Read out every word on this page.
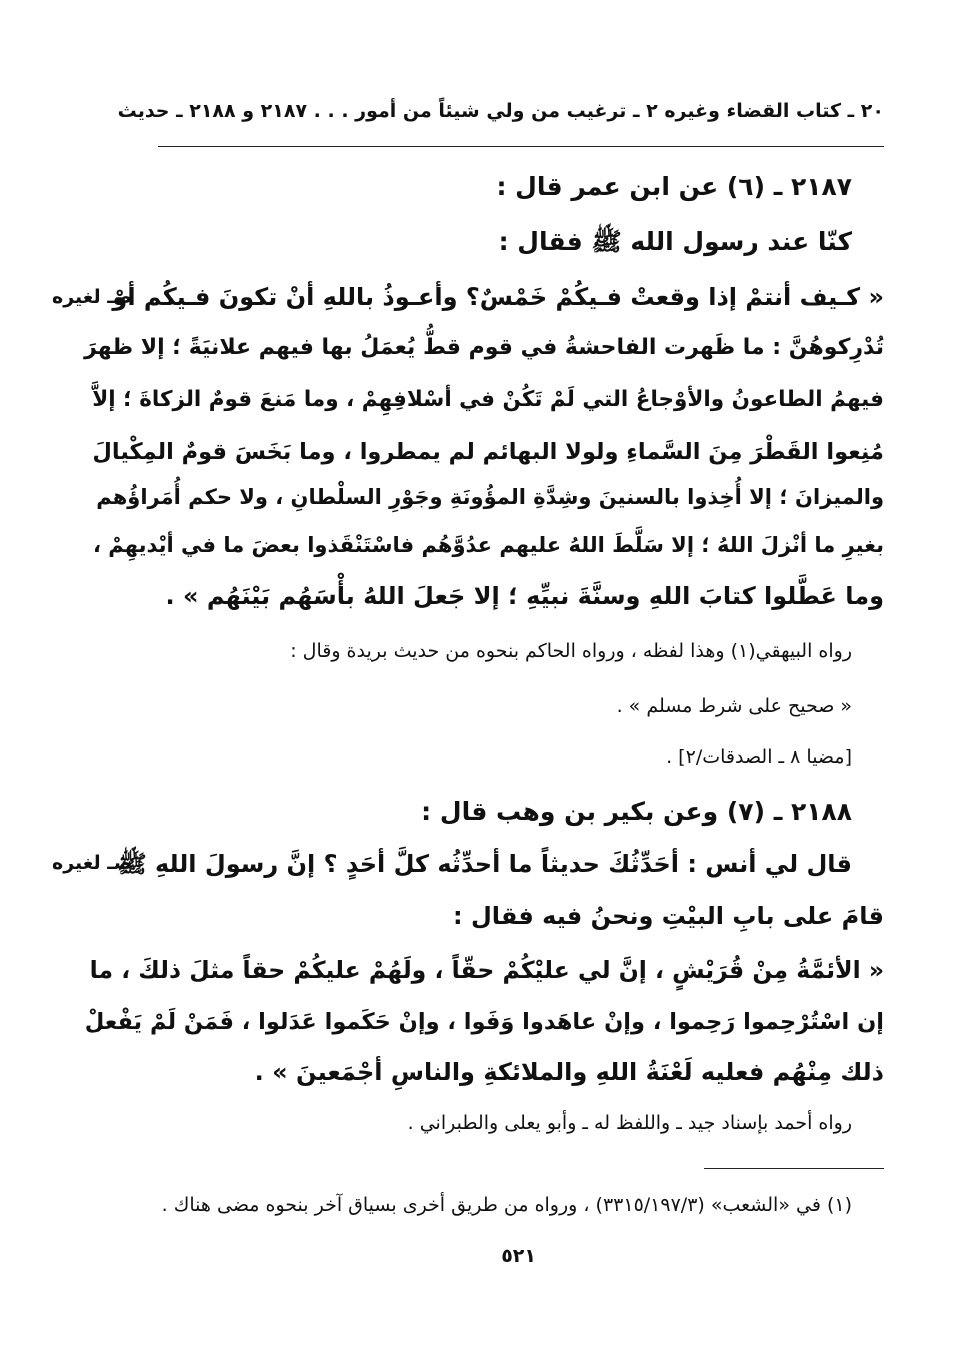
٢٠ ـ كتاب القضاء وغيره ٢ ـ ترغيب من ولي شيئاً من أمور . . . ٢١٨٧ و ٢١٨٨ ـ حديث
٢١٨٧ ـ (٦) عن ابن عمر قال :
كنّا عند رسول الله ﷺ فقال :
صـ لغيره
« كـيف أنتمْ إذا وقعتْ فـيكُمْ خَمْسٌ؟ وأعـوذُ باللهِ أنْ تكونَ فـيكُم أوْ
تُدْرِكوهُنَّ : ما ظَهرت الفاحشةُ في قوم قطُّ يُعمَلُ بها فيهم علانيَةً ؛ إلا ظهرَ
فيهمُ الطاعونُ والأوْجاعُ التي لَمْ تَكُنْ في أسْلافِهِمْ ، وما مَنعَ قومٌ الزكاةَ ؛ إلاَّ
مُنِعوا القَطْرَ مِنَ السَّماءِ ولولا البهائم لم يمطروا ، وما بَخَسَ قومٌ المِكْيالَ
والميزانَ ؛ إلا أُخِذوا بالسنينَ وشِدَّةِ المؤُونَةِ وجَوْرِ السلْطانِ ، ولا حكم أُمَراؤُهم
بغيرِ ما أنْزلَ اللهُ ؛ إلا سَلَّطَ اللهُ عليهم عدُوَّهُم فاسْتَنْقَذوا بعضَ ما في أيْديهِمْ ،
وما عَطَّلوا كتابَ اللهِ وسنَّةَ نبيِّهِ ؛ إلا جَعلَ اللهُ بأْسَهُم بَيْنَهُم » .
رواه البيهقي(١) وهذا لفظه ، ورواه الحاكم بنحوه من حديث بريدة وقال :
« صحيح على شرط مسلم » .
[مضيا ٨ ـ الصدقات/٢] .
٢١٨٨ ـ (٧) وعن بكير بن وهب قال :
صـ لغيره
قال لي أنس : أحَدِّثُكَ حديثاً ما أحدِّثُه كلَّ أحَدٍ ؟ إنَّ رسولَ اللهِ ﷺ
قامَ على بابِ البيْتِ ونحنُ فيه فقال :
« الأئمَّةُ مِنْ قُرَيْشٍ ، إنَّ لي عليْكُمْ حقّاً ، ولَهُمْ عليكُمْ حقاً مثلَ ذلكَ ، ما
إن اسْتُرْحِموا رَحِموا ، وإنْ عاهَدوا وَفَوا ، وإنْ حَكَموا عَدَلوا ، فَمَنْ لَمْ يَفْعلْ
ذلك مِنْهُم فعليه لَعْنَةُ اللهِ والملائكةِ والناسِ أجْمَعينَ » .
رواه أحمد بإسناد جيد ـ واللفظ له ـ وأبو يعلى والطبراني .
(١) في «الشعب» (٣٣١٥/١٩٧/٣) ، ورواه من طريق أخرى بسياق آخر بنحوه مضى هناك .
٥٢١
